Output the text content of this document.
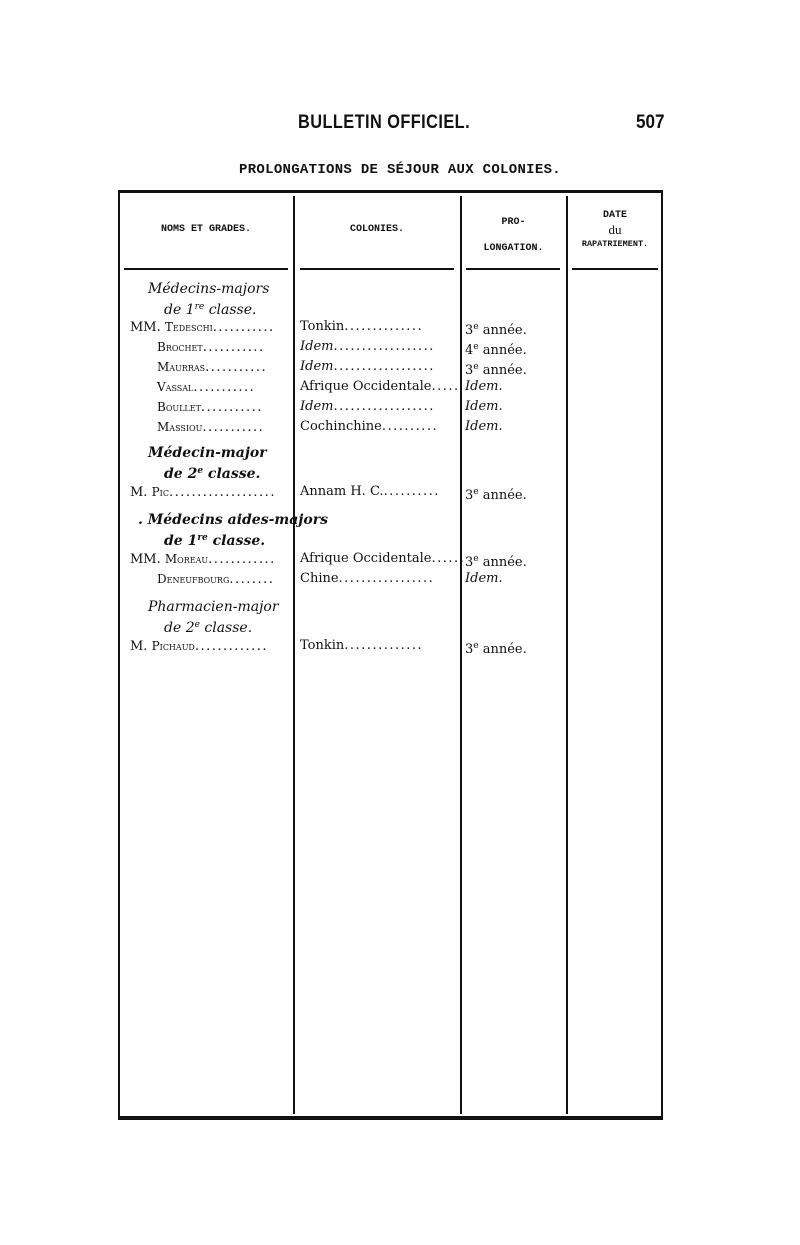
BULLETIN OFFICIEL.	507
PROLONGATIONS DE SÉJOUR AUX COLONIES.
NOMS ET GRADES.	COLONIES.
PRO-
LONGATION.
DATE
du
RAPATRIEMENT.
Médecins-majors
de 1re classe.
MM. Tedeschi...........	Tonkin..............	3e année.
Brochet...........	Idem..................	4e année.
Maurras...........	Idem..................	3e année.
Vassal...........	Afrique Occidentale..... Idem.
Boullet...........	Idem..................	Idem.
Massiou...........	Cochinchine..........	Idem.
Médecin-major
de 2e classe.
M. Pic...................	Annam H. C...........	3e année.
. Médecins aides-majors
de 1re classe.
MM. Moreau............	Afrique Occidentale...... 3e année.
Deneufbourg........	Chine.................	Idem.
Pharmacien-major
de 2e classe.
M. Pichaud.............	Tonkin..............	3e année.
